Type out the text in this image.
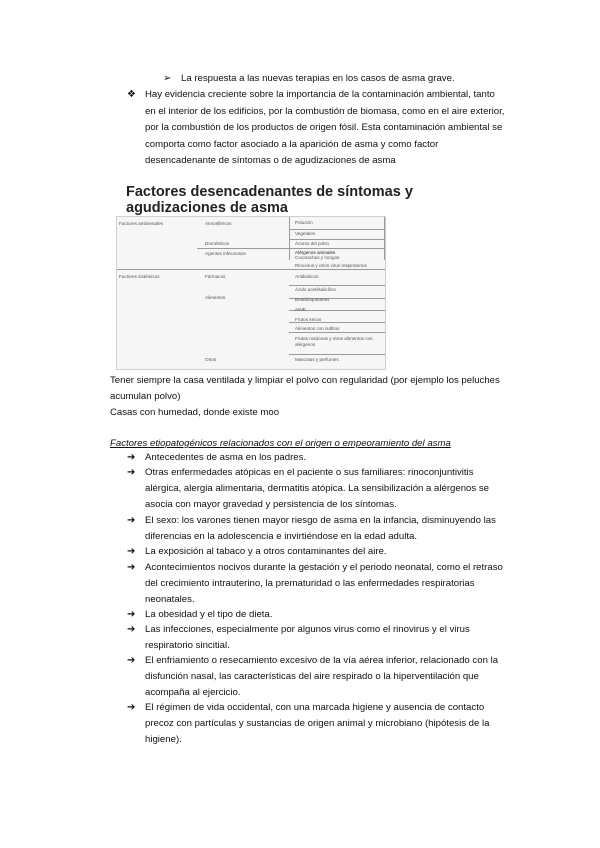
➢ La respuesta a las nuevas terapias en los casos de asma grave.
❖ Hay evidencia creciente sobre la importancia de la contaminación ambiental, tanto
en el interior de los edificios, por la combustión de biomasa, como en el aire exterior,
por la combustión de los productos de origen fósil. Esta contaminación ambiental se
comporta como factor asociado a la aparición de asma y como factor
desencadenante de síntomas o de agudizaciones de asma
Factores desencadenantes de síntomas y
agudizaciones de asma
Factores ambientales
Factores sistémicos
Atmosféricos
Domésticos
Agentes infecciosos
Fármacos
Alimentos
Otros
Polución
Vegetales
Ácaros del polvo
Alérgenos animales
Cucarachas y hongos
Rinovirus y otros virus respiratorios
Antibióticos
Ácido acetilsalicílico
Betabloqueantes
AINE
Frutos secos
Alimentos con sulfitos
Frutas rosáceas y otros alimentos con alérgenos
Mascotas y perfumes
Tener siempre la casa ventilada y limpiar el polvo con regularidad (por ejemplo los peluches
acumulan polvo)
Casas con humedad, donde existe moo
Factores etiopatogénicos relacionados con el origen o empeoramiento del asma
➔ Antecedentes de asma en los padres.
➔ Otras enfermedades atópicas en el paciente o sus familiares: rinoconjuntivitis
alérgica, alergia alimentaria, dermatitis atópica. La sensibilización a alérgenos se
asocia con mayor gravedad y persistencia de los síntomas.
➔ El sexo: los varones tienen mayor riesgo de asma en la infancia, disminuyendo las
diferencias en la adolescencia e invirtiéndose en la edad adulta.
➔ La exposición al tabaco y a otros contaminantes del aire.
➔ Acontecimientos nocivos durante la gestación y el periodo neonatal, como el retraso
del crecimiento intrauterino, la prematuridad o las enfermedades respiratorias
neonatales.
➔ La obesidad y el tipo de dieta.
➔ Las infecciones, especialmente por algunos virus como el rinovirus y el virus
respiratorio sincitial.
➔ El enfriamiento o resecamiento excesivo de la vía aérea inferior, relacionado con la
disfunción nasal, las características del aire respirado o la hiperventilación que
acompaña al ejercicio.
➔ El régimen de vida occidental, con una marcada higiene y ausencia de contacto
precoz con partículas y sustancias de origen animal y microbiano (hipótesis de la
higiene).
